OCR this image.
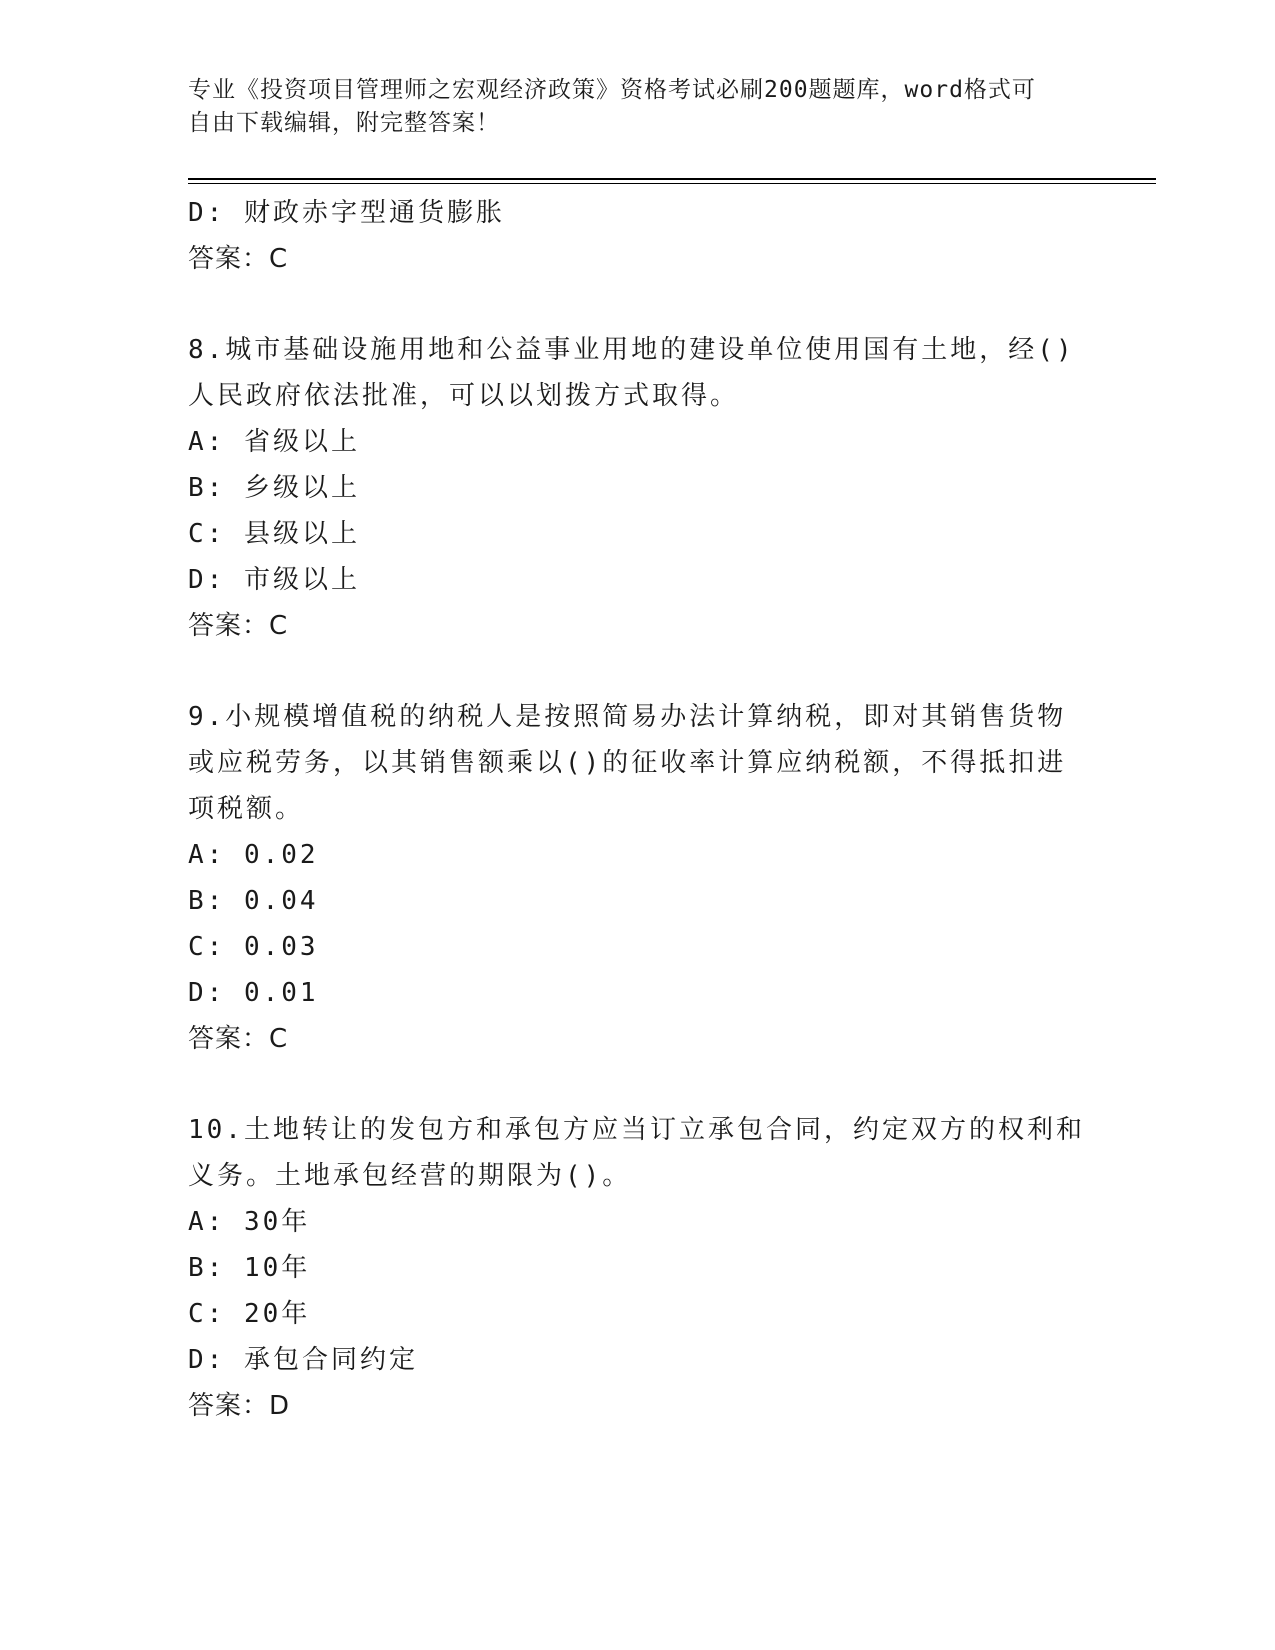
专业《投资项目管理师之宏观经济政策》资格考试必刷200题题库，word格式可
自由下载编辑，附完整答案！
D: 财政赤字型通货膨胀
答案：C
8.城市基础设施用地和公益事业用地的建设单位使用国有土地，经()
人民政府依法批准，可以以划拨方式取得。
A: 省级以上
B: 乡级以上
C: 县级以上
D: 市级以上
答案：C
9.小规模增值税的纳税人是按照简易办法计算纳税，即对其销售货物
或应税劳务，以其销售额乘以()的征收率计算应纳税额，不得抵扣进
项税额。
A: 0.02
B: 0.04
C: 0.03
D: 0.01
答案：C
10.土地转让的发包方和承包方应当订立承包合同，约定双方的权利和
义务。土地承包经营的期限为()。
A: 30年
B: 10年
C: 20年
D: 承包合同约定
答案：D
